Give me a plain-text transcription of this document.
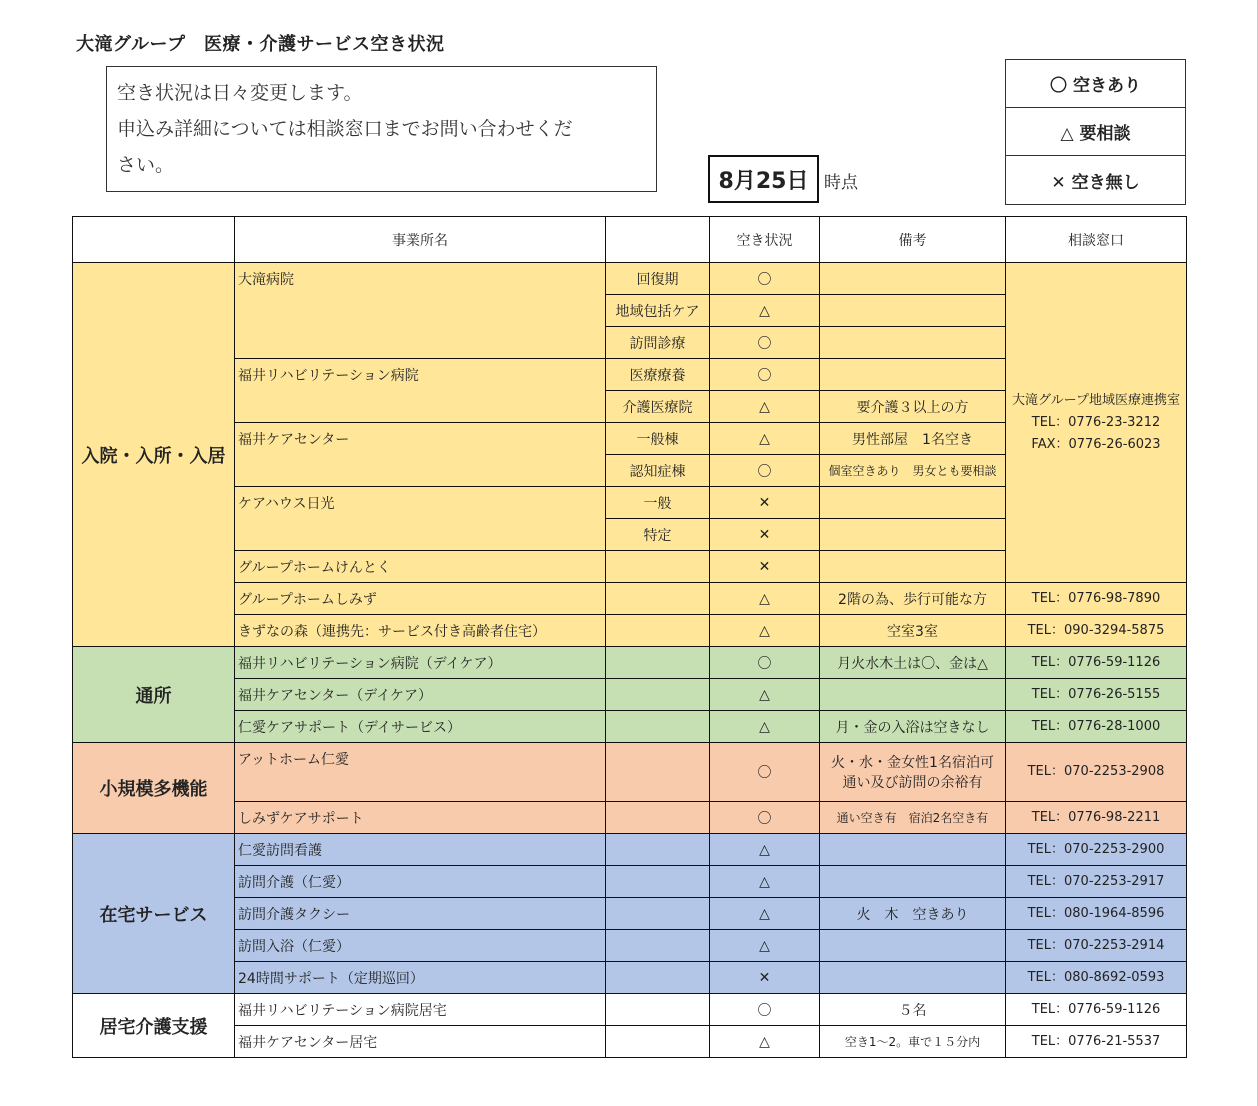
大滝グループ　医療・介護サービス空き状況
空き状況は日々変更します。
申込み詳細については相談窓口までお問い合わせくだ
さい。
8月25日 時点
〇 空きあり
△ 要相談
✕ 空き無し
	事業所名		空き状況	備考	相談窓口
入院・入所・入居	大滝病院	回復期	〇		大滝グループ地域医療連携室
TEL：0776-23-3212
FAX：0776-26-6023

		地域包括ケア	△		

		訪問診療	〇		

	福井リハビリテーション病院	医療療養	〇		

		介護医療院	△	要介護３以上の方	

	福井ケアセンター	一般棟	△	男性部屋　1名空き	

		認知症棟	〇	個室空きあり　男女とも要相談	

	ケアハウス日光	一般	✕		

		特定	✕		

	グループホームけんとく		✕		

	グループホームしみず		△	2階の為、歩行可能な方	TEL：0776-98-7890

	きずなの森（連携先：サービス付き高齢者住宅）		△	空室3室	TEL：090-3294-5875

通所	福井リハビリテーション病院（デイケア）		〇	月火水木土は〇、金は△	TEL：0776-59-1126

	福井ケアセンター（デイケア）		△		TEL：0776-26-5155

	仁愛ケアサポート（デイサービス）		△	月・金の入浴は空きなし	TEL：0776-28-1000

小規模多機能	アットホーム仁愛		〇	火・水・金女性1名宿泊可
通い及び訪問の余裕有	TEL：070-2253-2908

	しみずケアサポート		〇	通い空き有　宿泊2名空き有	TEL：0776-98-2211

在宅サービス	仁愛訪問看護		△		TEL：070-2253-2900

	訪問介護（仁愛）		△		TEL：070-2253-2917

	訪問介護タクシー		△	火　木　空きあり	TEL：080-1964-8596

	訪問入浴（仁愛）		△		TEL：070-2253-2914

	24時間サポート（定期巡回）		✕		TEL：080-8692-0593

居宅介護支援	福井リハビリテーション病院居宅		〇	５名	TEL：0776-59-1126

	福井ケアセンター居宅		△	空き1～2。車で１５分内	TEL：0776-21-5537
